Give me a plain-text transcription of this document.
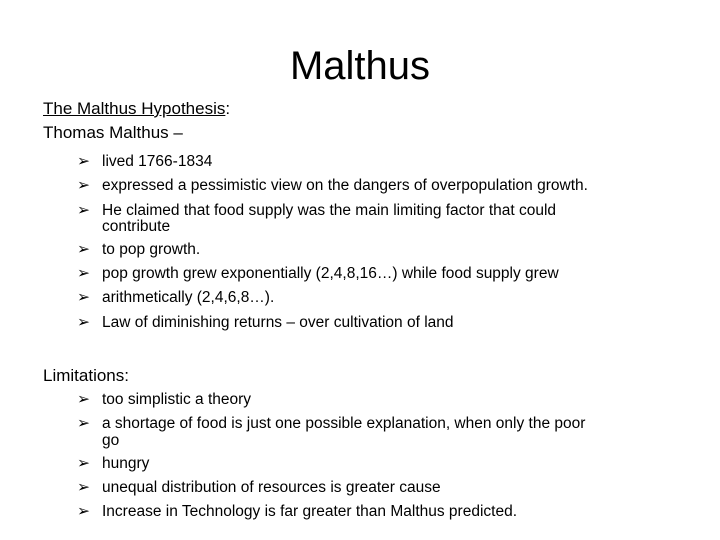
Malthus
The Malthus Hypothesis:
Thomas Malthus –
➢ lived 1766-1834
➢ expressed a pessimistic view on the dangers of overpopulation growth.
➢ He claimed that food supply was the main limiting factor that could
contribute
➢ to pop growth.
➢ pop growth grew exponentially (2,4,8,16…) while food supply grew
➢ arithmetically (2,4,6,8…).
➢ Law of diminishing returns – over cultivation of land
Limitations:
➢ too simplistic a theory
➢ a shortage of food is just one possible explanation, when only the poor
go
➢ hungry
➢ unequal distribution of resources is greater cause
➢ Increase in Technology is far greater than Malthus predicted.
